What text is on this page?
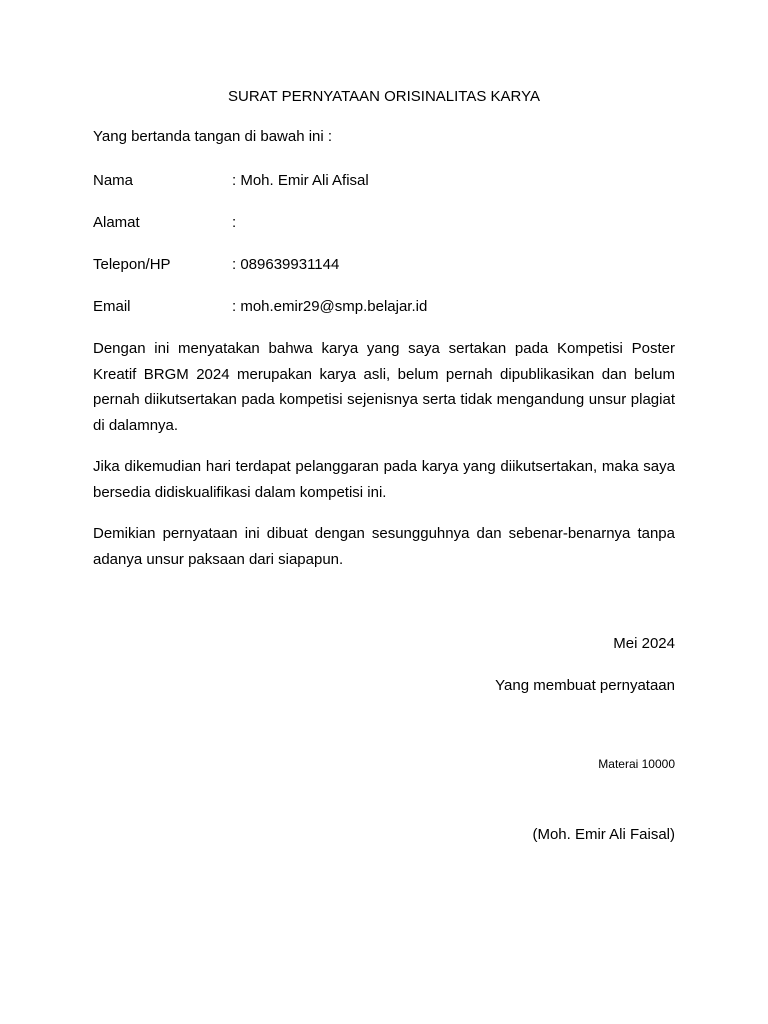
SURAT PERNYATAAN ORISINALITAS KARYA
Yang bertanda tangan di bawah ini :
Nama	: Moh. Emir Ali Afisal
Alamat	:
Telepon/HP	: 089639931144
Email	: moh.emir29@smp.belajar.id

Dengan ini menyatakan bahwa karya yang saya sertakan pada Kompetisi Poster Kreatif BRGM 2024 merupakan karya asli, belum pernah dipublikasikan dan belum pernah diikutsertakan pada kompetisi sejenisnya serta tidak mengandung unsur plagiat di dalamnya.

Jika dikemudian hari terdapat pelanggaran pada karya yang diikutsertakan, maka saya bersedia didiskualifikasi dalam kompetisi ini.

Demikian pernyataan ini dibuat dengan sesungguhnya dan sebenar-benarnya tanpa adanya unsur paksaan dari siapapun.

Mei 2024
Yang membuat pernyataan
Materai 10000
(Moh. Emir Ali Faisal)
